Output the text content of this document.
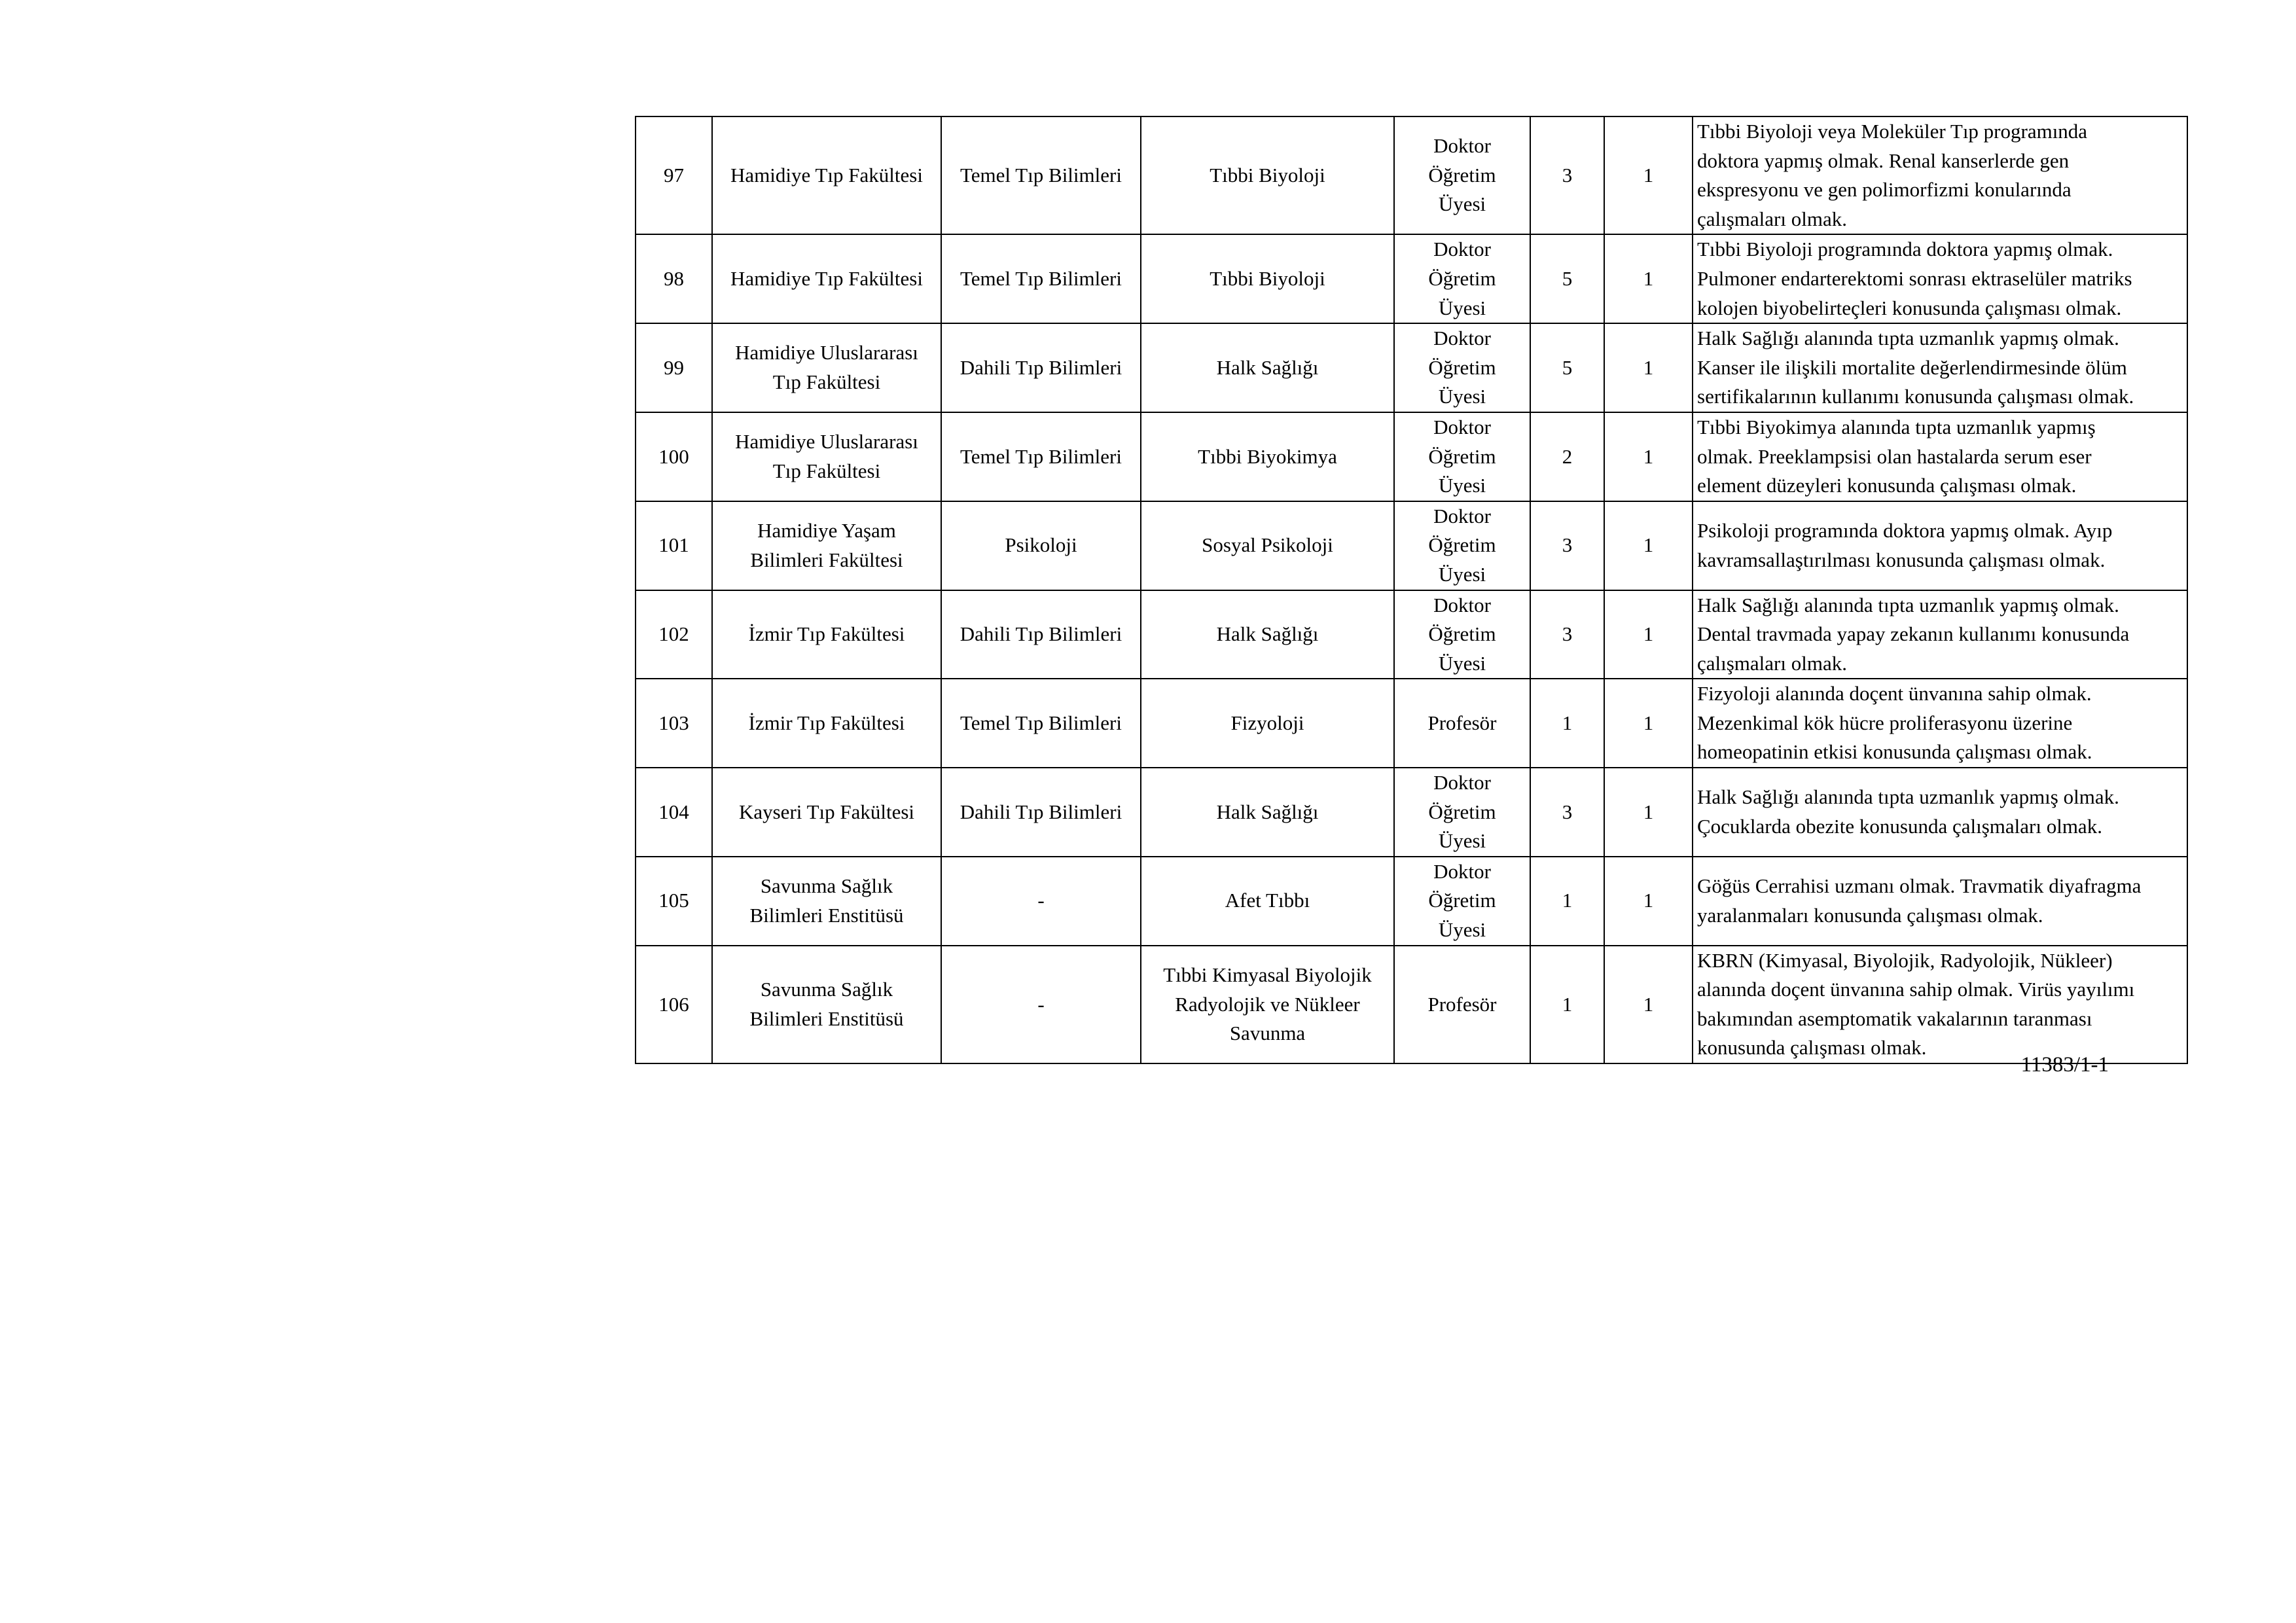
97	Hamidiye Tıp Fakültesi	Temel Tıp Bilimleri	Tıbbi Biyoloji	Doktor
Öğretim
Üyesi	3	1	Tıbbi Biyoloji veya Moleküler Tıp programında
doktora yapmış olmak. Renal kanserlerde gen
ekspresyonu ve gen polimorfizmi konularında
çalışmaları olmak.

98	Hamidiye Tıp Fakültesi	Temel Tıp Bilimleri	Tıbbi Biyoloji	Doktor
Öğretim
Üyesi	5	1	Tıbbi Biyoloji programında doktora yapmış olmak.
Pulmoner endarterektomi sonrası ektraselüler matriks
kolojen biyobelirteçleri konusunda çalışması olmak.

99	Hamidiye Uluslararası
Tıp Fakültesi	Dahili Tıp Bilimleri	Halk Sağlığı	Doktor
Öğretim
Üyesi	5	1	Halk Sağlığı alanında tıpta uzmanlık yapmış olmak.
Kanser ile ilişkili mortalite değerlendirmesinde ölüm
sertifikalarının kullanımı konusunda çalışması olmak.

100	Hamidiye Uluslararası
Tıp Fakültesi	Temel Tıp Bilimleri	Tıbbi Biyokimya	Doktor
Öğretim
Üyesi	2	1	Tıbbi Biyokimya alanında tıpta uzmanlık yapmış
olmak. Preeklampsisi olan hastalarda serum eser
element düzeyleri konusunda çalışması olmak.

101	Hamidiye Yaşam
Bilimleri Fakültesi	Psikoloji	Sosyal Psikoloji	Doktor
Öğretim
Üyesi	3	1	Psikoloji programında doktora yapmış olmak. Ayıp
kavramsallaştırılması konusunda çalışması olmak.

102	İzmir Tıp Fakültesi	Dahili Tıp Bilimleri	Halk Sağlığı	Doktor
Öğretim
Üyesi	3	1	Halk Sağlığı alanında tıpta uzmanlık yapmış olmak.
Dental travmada yapay zekanın kullanımı konusunda
çalışmaları olmak.

103	İzmir Tıp Fakültesi	Temel Tıp Bilimleri	Fizyoloji	Profesör	1	1	Fizyoloji alanında doçent ünvanına sahip olmak.
Mezenkimal kök hücre proliferasyonu üzerine
homeopatinin etkisi konusunda çalışması olmak.

104	Kayseri Tıp Fakültesi	Dahili Tıp Bilimleri	Halk Sağlığı	Doktor
Öğretim
Üyesi	3	1	Halk Sağlığı alanında tıpta uzmanlık yapmış olmak.
Çocuklarda obezite konusunda çalışmaları olmak.

105	Savunma Sağlık
Bilimleri Enstitüsü	-	Afet Tıbbı	Doktor
Öğretim
Üyesi	1	1	Göğüs Cerrahisi uzmanı olmak. Travmatik diyafragma
yaralanmaları konusunda çalışması olmak.

106	Savunma Sağlık
Bilimleri Enstitüsü	-	Tıbbi Kimyasal Biyolojik
Radyolojik ve Nükleer
Savunma	Profesör	1	1	KBRN (Kimyasal, Biyolojik, Radyolojik, Nükleer)
alanında doçent ünvanına sahip olmak. Virüs yayılımı
bakımından asemptomatik vakalarının taranması
konusunda çalışması olmak.
11383/1-1
